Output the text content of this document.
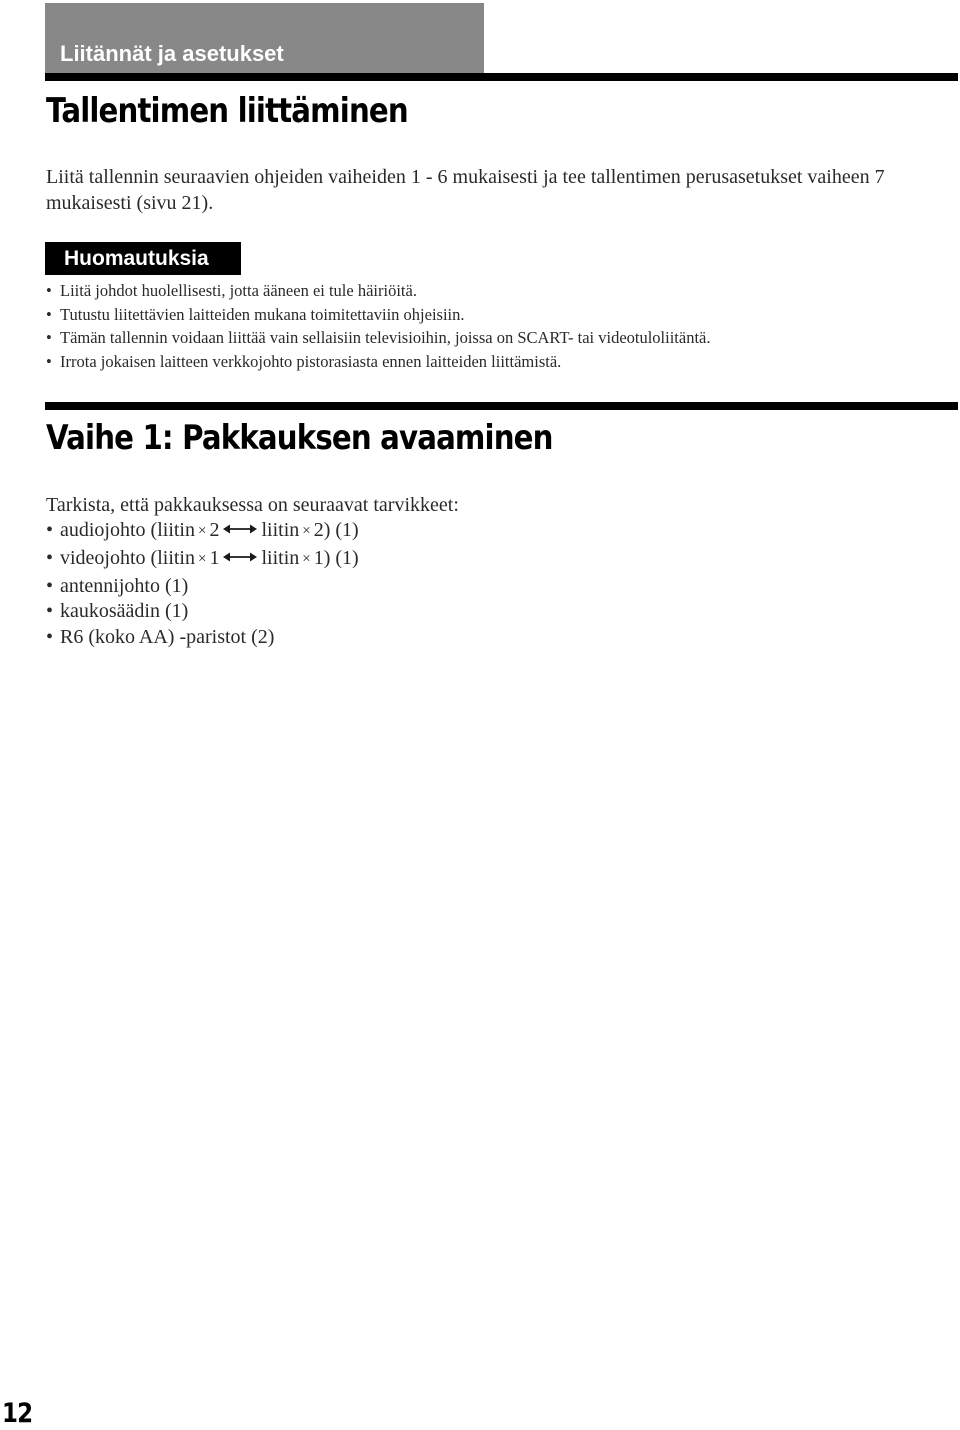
Liitännät ja asetukset
Tallentimen liittäminen

Liitä tallennin seuraavien ohjeiden vaiheiden 1 - 6 mukaisesti ja tee tallentimen perusasetukset vaiheen 7 mukaisesti (sivu 21).

Huomautuksia
• Liitä johdot huolellisesti, jotta ääneen ei tule häiriöitä.
• Tutustu liitettävien laitteiden mukana toimitettaviin ohjeisiin.
• Tämän tallennin voidaan liittää vain sellaisiin televisioihin, joissa on SCART- tai videotuloliitäntä.
• Irrota jokaisen laitteen verkkojohto pistorasiasta ennen laitteiden liittämistä.
Vaihe 1: Pakkauksen avaaminen

Tarkista, että pakkauksessa on seuraavat tarvikkeet:

• audiojohto (liitin × 2 liitin × 2) (1)
• videojohto (liitin × 1 liitin × 1) (1)
• antennijohto (1)
• kaukosäädin (1)
• R6 (koko AA) -paristot (2)
12
